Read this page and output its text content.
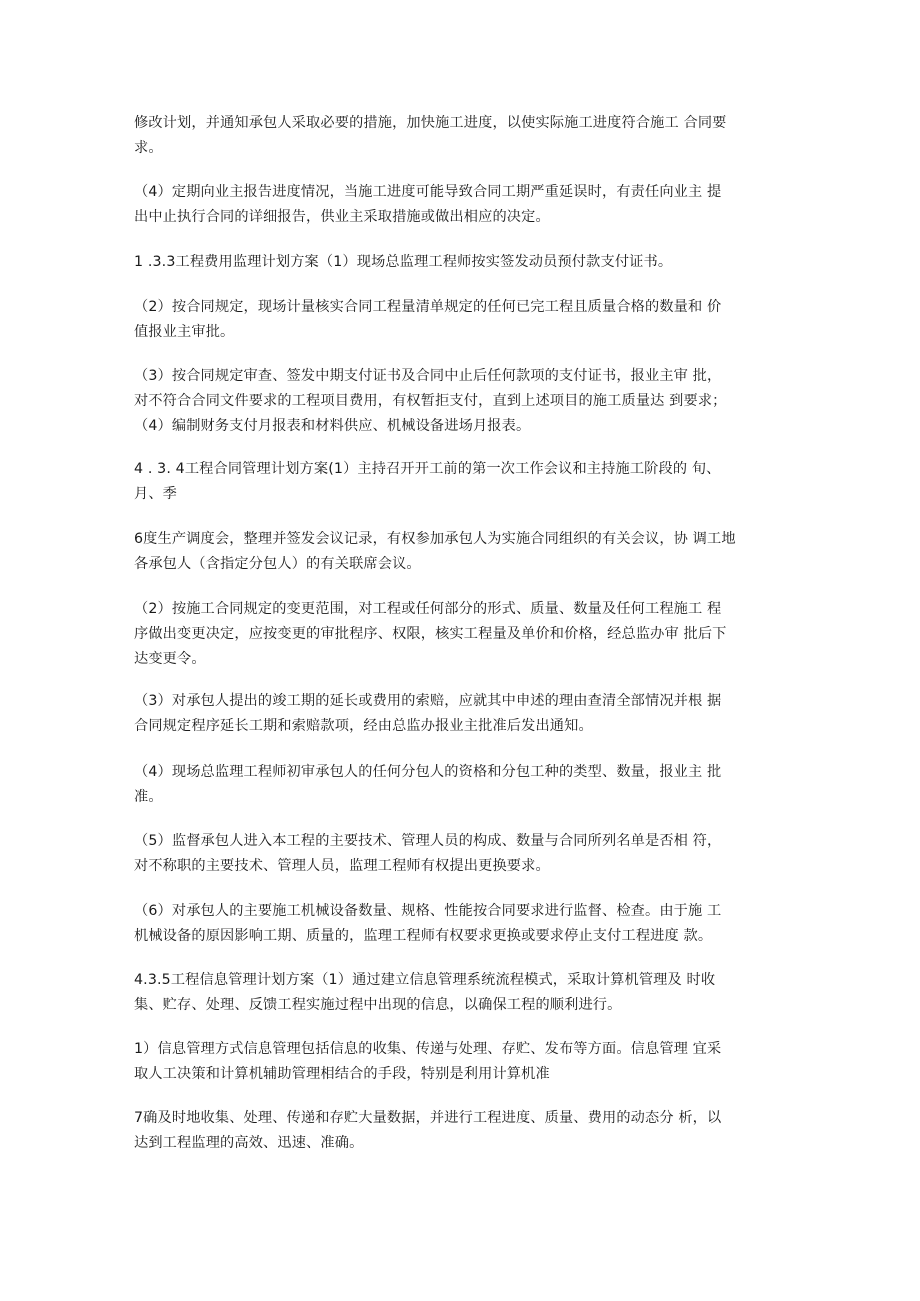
修改计划，并通知承包人采取必要的措施，加快施工进度，以使实际施工进度符合施工 合同要
求。

（4）定期向业主报告进度情况，当施工进度可能导致合同工期严重延误时，有责任向业主 提
出中止执行合同的详细报告，供业主采取措施或做出相应的决定。

1 .3.3工程费用监理计划方案（1）现场总监理工程师按实签发动员预付款支付证书。

（2）按合同规定，现场计量核实合同工程量清单规定的任何已完工程且质量合格的数量和 价
值报业主审批。

（3）按合同规定审查、签发中期支付证书及合同中止后任何款项的支付证书，报业主审 批，
对不符合合同文件要求的工程项目费用，有权暂拒支付，直到上述项目的施工质量达 到要求；
（4）编制财务支付月报表和材料供应、机械设备进场月报表。

4 . 3. 4工程合同管理计划方案(1）主持召开开工前的第一次工作会议和主持施工阶段的 旬、
月、季

6度生产调度会，整理并签发会议记录，有权参加承包人为实施合同组织的有关会议，协 调工地
各承包人（含指定分包人）的有关联席会议。

（2）按施工合同规定的变更范围，对工程或任何部分的形式、质量、数量及任何工程施工 程
序做出变更决定，应按变更的审批程序、权限，核实工程量及单价和价格，经总监办审 批后下
达变更令。

（3）对承包人提出的竣工期的延长或费用的索赔，应就其中申述的理由查清全部情况并根 据
合同规定程序延长工期和索赔款项，经由总监办报业主批准后发出通知。

（4）现场总监理工程师初审承包人的任何分包人的资格和分包工种的类型、数量，报业主 批
准。

（5）监督承包人进入本工程的主要技术、管理人员的构成、数量与合同所列名单是否相 符，
对不称职的主要技术、管理人员，监理工程师有权提出更换要求。

（6）对承包人的主要施工机械设备数量、规格、性能按合同要求进行监督、检查。由于施 工
机械设备的原因影响工期、质量的，监理工程师有权要求更换或要求停止支付工程进度 款。

4.3.5工程信息管理计划方案（1）通过建立信息管理系统流程模式，采取计算机管理及 时收
集、贮存、处理、反馈工程实施过程中出现的信息，以确保工程的顺利进行。

1）信息管理方式信息管理包括信息的收集、传递与处理、存贮、发布等方面。信息管理 宜采
取人工决策和计算机辅助管理相结合的手段，特别是利用计算机准

7确及时地收集、处理、传递和存贮大量数据，并进行工程进度、质量、费用的动态分 析，以
达到工程监理的高效、迅速、准确。
